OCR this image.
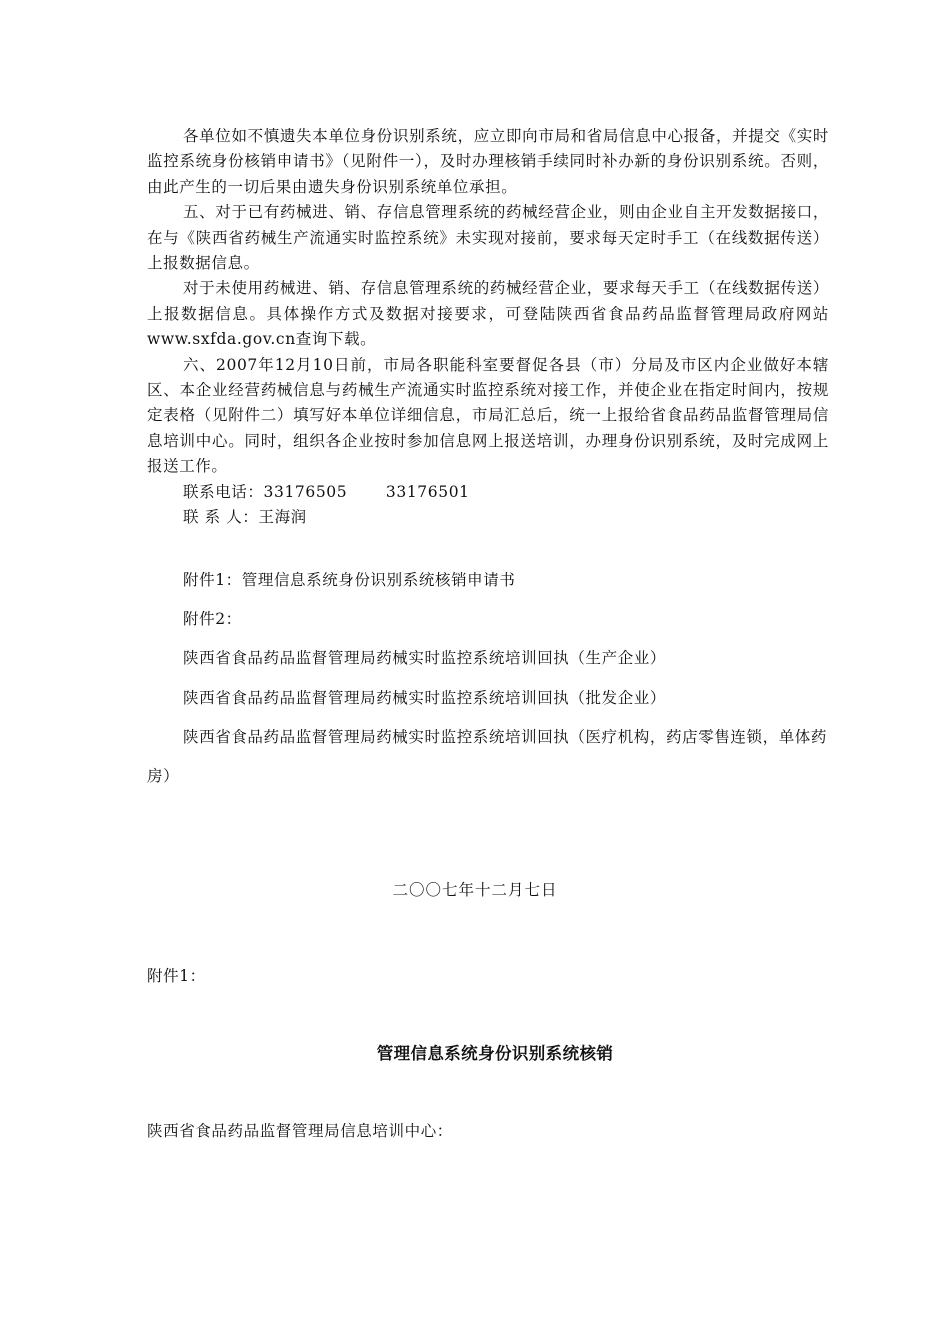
各单位如不慎遗失本单位身份识别系统，应立即向市局和省局信息中心报备，并提交《实时监控系统身份核销申请书》（见附件一），及时办理核销手续同时补办新的身份识别系统。否则，由此产生的一切后果由遗失身份识别系统单位承担。

五、对于已有药械进、销、存信息管理系统的药械经营企业，则由企业自主开发数据接口，在与《陕西省药械生产流通实时监控系统》未实现对接前，要求每天定时手工（在线数据传送）上报数据信息。

对于未使用药械进、销、存信息管理系统的药械经营企业，要求每天手工（在线数据传送）上报数据信息。具体操作方式及数据对接要求，可登陆陕西省食品药品监督管理局政府网站www.sxfda.gov.cn查询下载。

六、2007年12月10日前，市局各职能科室要督促各县（市）分局及市区内企业做好本辖区、本企业经营药械信息与药械生产流通实时监控系统对接工作，并使企业在指定时间内，按规定表格（见附件二）填写好本单位详细信息，市局汇总后，统一上报给省食品药品监督管理局信息培训中心。同时，组织各企业按时参加信息网上报送培训，办理身份识别系统，及时完成网上报送工作。

联系电话：33176505 33176501
联 系 人：王海润

附件1：管理信息系统身份识别系统核销申请书

附件2：

陕西省食品药品监督管理局药械实时监控系统培训回执（生产企业）

陕西省食品药品监督管理局药械实时监控系统培训回执（批发企业）

陕西省食品药品监督管理局药械实时监控系统培训回执（医疗机构，药店零售连锁，单体药房）

二〇〇七年十二月七日
附件1：
管理信息系统身份识别系统核销
陕西省食品药品监督管理局信息培训中心：
